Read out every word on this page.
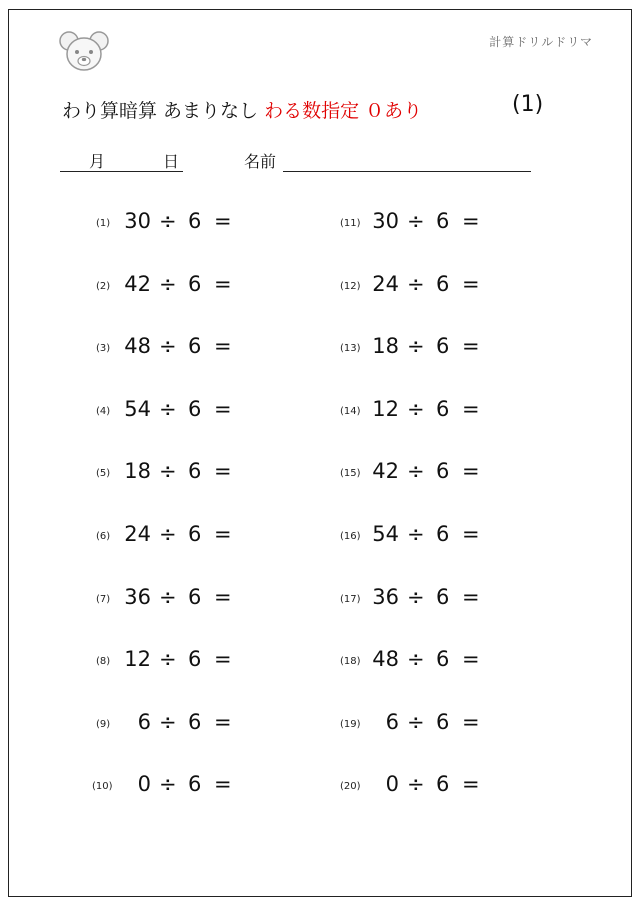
計算ドリルドリマ
わり算暗算 あまりなし わる数指定 ０あり	(1)
月	日	名前
(1) 30 ÷ 6 =
(2) 42 ÷ 6 =
(3) 48 ÷ 6 =
(4) 54 ÷ 6 =
(5) 18 ÷ 6 =
(6) 24 ÷ 6 =
(7) 36 ÷ 6 =
(8) 12 ÷ 6 =
(9)	6 ÷ 6 =
(10)	0 ÷ 6 =
(11) 30 ÷ 6 =
(12) 24 ÷ 6 =
(13) 18 ÷ 6 =
(14) 12 ÷ 6 =
(15) 42 ÷ 6 =
(16) 54 ÷ 6 =
(17) 36 ÷ 6 =
(18) 48 ÷ 6 =
(19)	6 ÷ 6 =
(20)	0 ÷ 6 =
